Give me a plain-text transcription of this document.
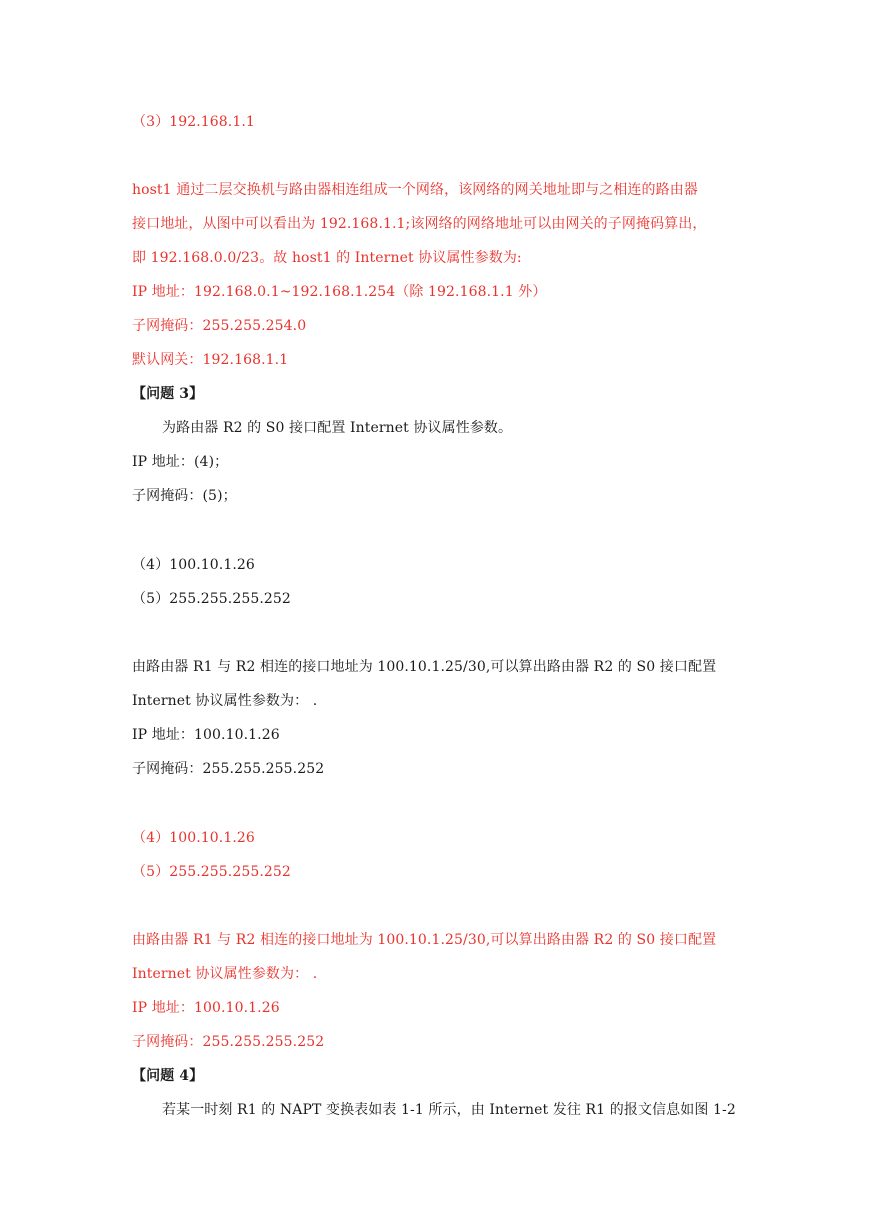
（3）192.168.1.1
host1 通过二层交换机与路由器相连组成一个网络，该网络的网关地址即与之相连的路由器
接口地址，从图中可以看出为 192.168.1.1;该网络的网络地址可以由网关的子网掩码算出，
即 192.168.0.0/23。故 host1 的 Internet 协议属性参数为:
IP 地址：192.168.0.1~192.168.1.254（除 192.168.1.1 外）
子网掩码：255.255.254.0
默认网关：192.168.1.1
【问题 3】
为路由器 R2 的 S0 接口配置 Internet 协议属性参数。
IP 地址：(4)；
子网掩码：(5)；
（4）100.10.1.26
（5）255.255.255.252
由路由器 R1 与 R2 相连的接口地址为 100.10.1.25/30,可以算出路由器 R2 的 S0 接口配置
Internet 协议属性参数为： .
IP 地址：100.10.1.26
子网掩码：255.255.255.252
（4）100.10.1.26
（5）255.255.255.252
由路由器 R1 与 R2 相连的接口地址为 100.10.1.25/30,可以算出路由器 R2 的 S0 接口配置
Internet 协议属性参数为： .
IP 地址：100.10.1.26
子网掩码：255.255.255.252
【问题 4】
若某一时刻 R1 的 NAPT 变换表如表 1-1 所示，由 Internet 发往 R1 的报文信息如图 1-2
